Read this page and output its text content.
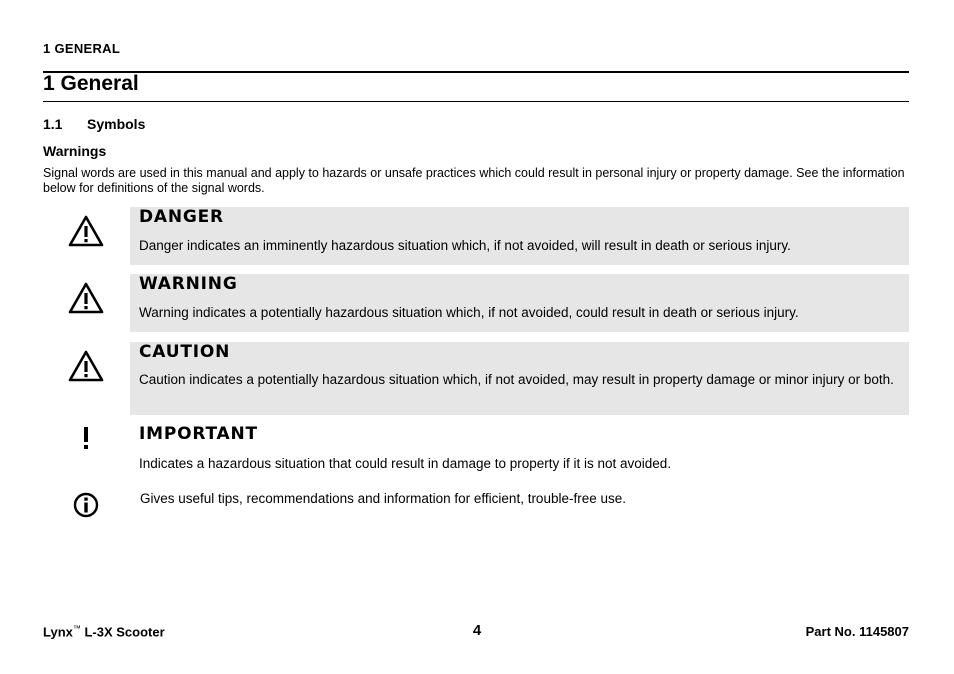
1 GENERAL
1 General
1.1 Symbols
Warnings

Signal words are used in this manual and apply to hazards or unsafe practices which could result in personal injury or property damage. See the information below for definitions of the signal words.

DANGER
Danger indicates an imminently hazardous situation which, if not avoided, will result in death or serious injury.
WARNING
Warning indicates a potentially hazardous situation which, if not avoided, could result in death or serious injury.
CAUTION
Caution indicates a potentially hazardous situation which, if not avoided, may result in property damage or minor injury or both.
IMPORTANT
Indicates a hazardous situation that could result in damage to property if it is not avoided.
Gives useful tips, recommendations and information for efficient, trouble-free use.
Lynx™ L-3X Scooter	4	Part No. 1145807
